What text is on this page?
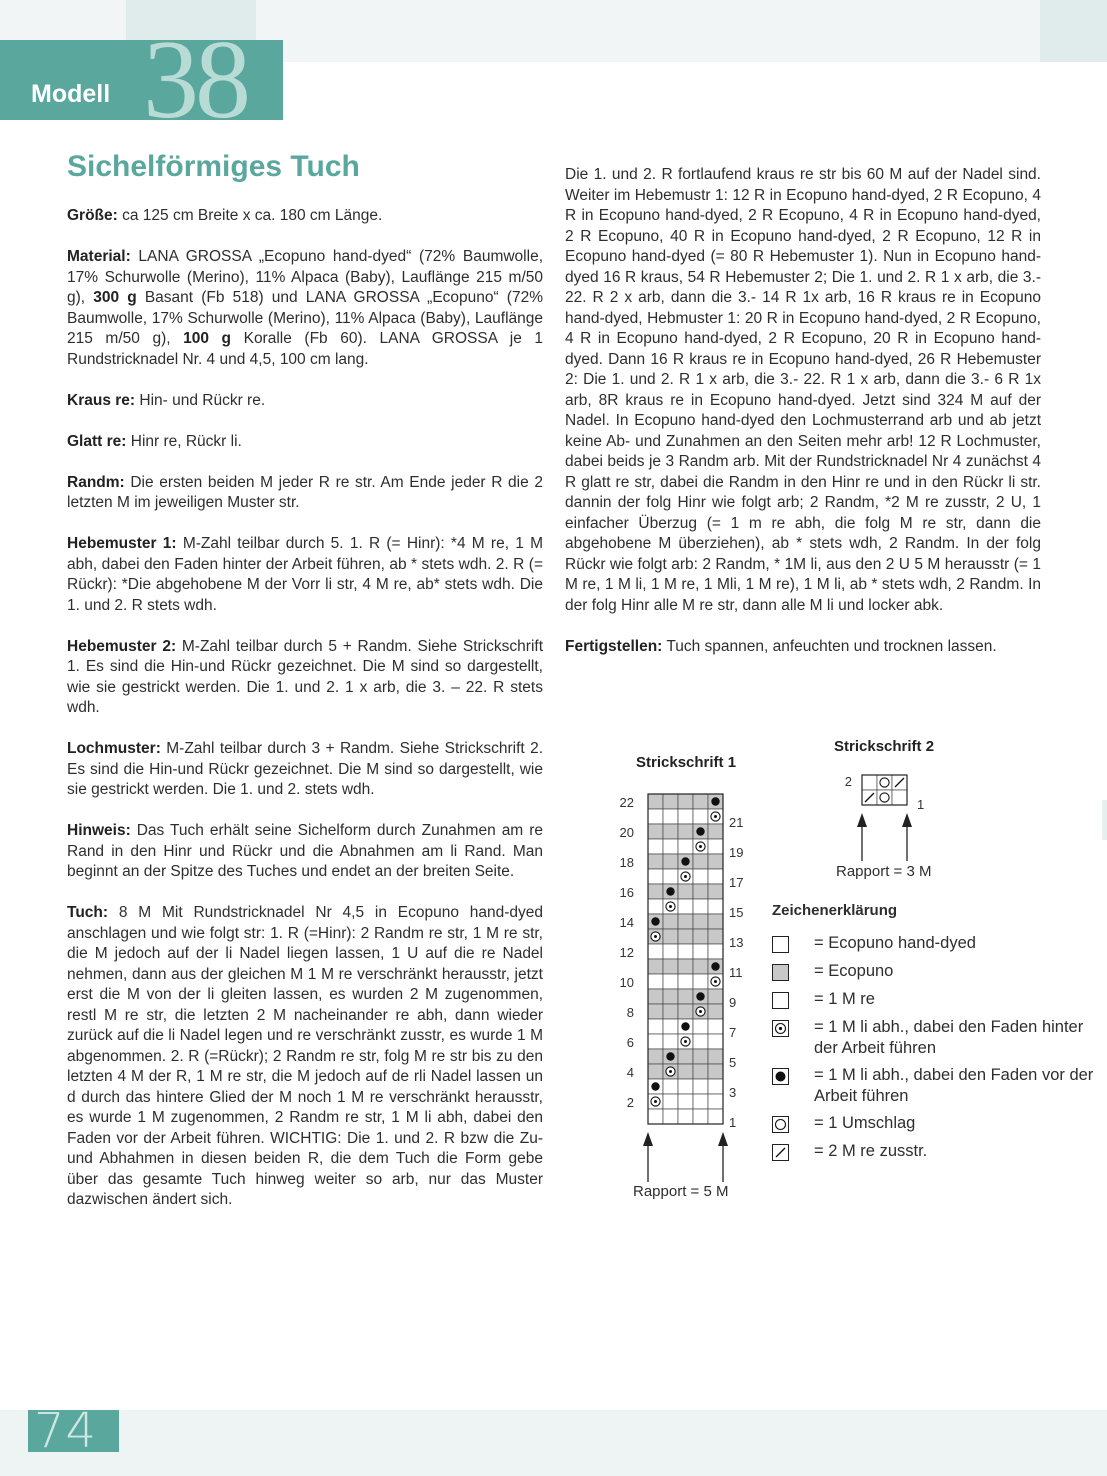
38
Modell
Sichelförmiges Tuch

Größe: ca 125 cm Breite x ca. 180 cm Länge.

Material: LANA GROSSA „Ecopuno hand-dyed“ (72% Baumwolle, 17% Schurwolle (Merino), 11% Alpaca (Baby), Lauflänge 215 m/50 g), 300 g Basant (Fb 518) und LANA GROSSA „Ecopuno“ (72% Baumwolle, 17% Schurwolle (Merino), 11% Alpaca (Baby), Lauflänge 215 m/50 g), 100 g Koralle (Fb 60). LANA GROSSA je 1 Rundstricknadel Nr. 4 und 4,5, 100 cm lang.

Kraus re: Hin- und Rückr re.

Glatt re: Hinr re, Rückr li.

Randm: Die ersten beiden M jeder R re str. Am Ende jeder R die 2 letzten M im jeweiligen Muster str.

Hebemuster 1: M-Zahl teilbar durch 5. 1. R (= Hinr): *4 M re, 1 M abh, dabei den Faden hinter der Arbeit führen, ab * stets wdh. 2. R (= Rückr): *Die abgehobene M der Vorr li str, 4 M re, ab* stets wdh. Die 1. und 2. R stets wdh.

Hebemuster 2: M-Zahl teilbar durch 5 + Randm. Siehe Strickschrift 1. Es sind die Hin-und Rückr gezeichnet. Die M sind so dargestellt, wie sie gestrickt werden. Die 1. und 2. 1 x arb, die 3. – 22. R stets wdh.

Lochmuster: M-Zahl teilbar durch 3 + Randm. Siehe Strickschrift 2. Es sind die Hin-und Rückr gezeichnet. Die M sind so dargestellt, wie sie gestrickt werden. Die 1. und 2. stets wdh.

Hinweis: Das Tuch erhält seine Sichelform durch Zunahmen am re Rand in den Hinr und Rückr und die Abnahmen am li Rand. Man beginnt an der Spitze des Tuches und endet an der breiten Seite.

Tuch: 8 M Mit Rundstricknadel Nr 4,5 in Ecopuno hand-dyed anschlagen und wie folgt str: 1. R (=Hinr): 2 Randm re str, 1 M re str, die M jedoch auf der li Nadel liegen lassen, 1 U auf die re Nadel nehmen, dann aus der gleichen M 1 M re verschränkt herausstr, jetzt erst die M von der li gleiten lassen, es wurden 2 M zugenommen, restl M re str, die letzten 2 M nacheinander re abh, dann wieder zurück auf die li Nadel legen und re verschränkt zusstr, es wurde 1 M abgenommen. 2. R (=Rückr); 2 Randm re str, folg M re str bis zu den letzten 4 M der R, 1 M re str, die M jedoch auf de rli Nadel lassen un d durch das hintere Glied der M noch 1 M re verschränkt herausstr, es wurde 1 M zugenommen, 2 Randm re str, 1 M li abh, dabei den Faden vor der Arbeit führen. WICHTIG: Die 1. und 2. R bzw die Zu- und Abhahmen in diesen beiden R, die dem Tuch die Form gebe über das gesamte Tuch hinweg weiter so arb, nur das Muster dazwischen ändert sich.

Die 1. und 2. R fortlaufend kraus re str bis 60 M auf der Nadel sind. Weiter im Hebemustr 1: 12 R in Ecopuno hand-dyed, 2 R Ecopuno, 4 R in Ecopuno hand-dyed, 2 R Ecopuno, 4 R in Ecopuno hand-dyed, 2 R Ecopuno, 40 R in Ecopuno hand-dyed, 2 R Ecopuno, 12 R in Ecopuno hand-dyed (= 80 R Hebemuster 1). Nun in Ecopuno hand-dyed 16 R kraus, 54 R Hebemuster 2; Die 1. und 2. R 1 x arb, die 3.- 22. R 2 x arb, dann die 3.- 14 R 1x arb, 16 R kraus re in Ecopuno hand-dyed, Hebmuster 1: 20 R in Ecopuno hand-dyed, 2 R Ecopuno, 4 R in Ecopuno hand-dyed, 2 R Ecopuno, 20 R in Ecopuno hand-dyed. Dann 16 R kraus re in Ecopuno hand-dyed, 26 R Hebemuster 2: Die 1. und 2. R 1 x arb, die 3.- 22. R 1 x arb, dann die 3.- 6 R 1x arb, 8R kraus re in Ecopuno hand-dyed. Jetzt sind 324 M auf der Nadel. In Ecopuno hand-dyed den Lochmusterrand arb und ab jetzt keine Ab- und Zunahmen an den Seiten mehr arb! 12 R Lochmuster, dabei beids je 3 Randm arb. Mit der Rundstricknadel Nr 4 zunächst 4 R glatt re str, dabei die Randm in den Hinr re und in den Rückr li str. dannin der folg Hinr wie folgt arb; 2 Randm, *2 M re zusstr, 2 U, 1 einfacher Überzug (= 1 m re abh, die folg M re str, dann die abgehobene M überziehen), ab * stets wdh, 2 Randm. In der folg Rückr wie folgt arb: 2 Randm, * 1M li, aus den 2 U 5 M herausstr (= 1 M re, 1 M li, 1 M re, 1 Mli, 1 M re), 1 M li, ab * stets wdh, 2 Randm. In der folg Hinr alle M re str, dann alle M li und locker abk.

Fertigstellen: Tuch spannen, anfeuchten und trocknen lassen.

Strickschrift 1
22
20
18
16
14
12
10
8
6
4
2
21
19
17
15
13
11
9
7
5
3
1
Rapport = 5 M
Strickschrift 2
2
1
Rapport = 3 M
Zeichenerklärung
= Ecopuno hand-dyed
= Ecopuno
= 1 M re
= 1 M li abh., dabei den Faden hinter der Arbeit führen
= 1 M li abh., dabei den Faden vor der Arbeit führen
= 1 Umschlag
= 2 M re zusstr.
74
